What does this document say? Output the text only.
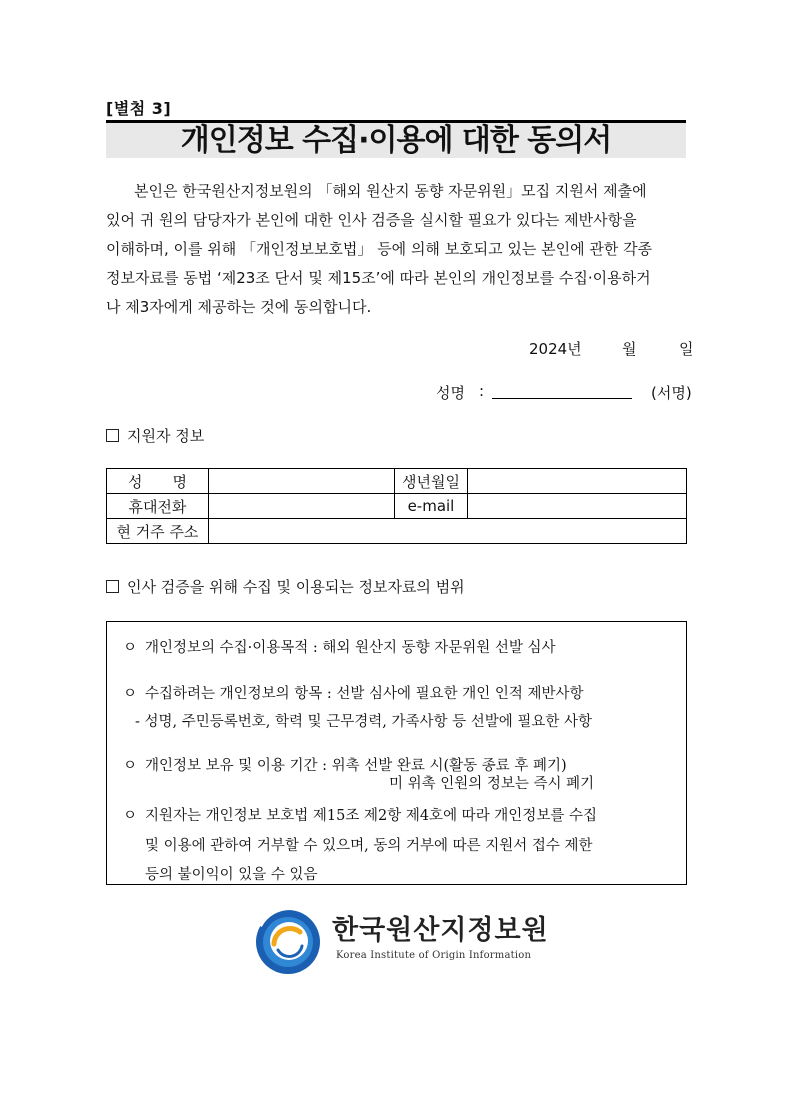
[별첨 3]
개인정보 수집·이용에 대한 동의서

본인은 한국원산지정보원의 「해외 원산지 동향 자문위원」모집 지원서 제출에

있어 귀 원의 담당자가 본인에 대한 인사 검증을 실시할 필요가 있다는 제반사항을

이해하며, 이를 위해 「개인정보보호법」 등에 의해 보호되고 있는 본인에 관한 각종

정보자료를 동법 ‘제23조 단서 및 제15조’에 따라 본인의 개인정보를 수집·이용하거

나 제3자에게 제공하는 것에 동의합니다.

2024년	월	일
성명 :	(서명)
지원자 정보
성　　명		생년월일	
휴대전화		e-mail	
현 거주 주소			
인사 검증을 위해 수집 및 이용되는 정보자료의 범위
ㅇ 개인정보의 수집·이용목적 : 해외 원산지 동향 자문위원 선발 심사
ㅇ 수집하려는 개인정보의 항목 : 선발 심사에 필요한 개인 인적 제반사항
- 성명, 주민등록번호, 학력 및 근무경력, 가족사항 등 선발에 필요한 사항
ㅇ 개인정보 보유 및 이용 기간 : 위촉 선발 완료 시(활동 종료 후 폐기)
미 위촉 인원의 정보는 즉시 폐기
ㅇ 지원자는 개인정보 보호법 제15조 제2항 제4호에 따라 개인정보를 수집
및 이용에 관하여 거부할 수 있으며, 동의 거부에 따른 지원서 접수 제한
등의 불이익이 있을 수 있음
한국원산지정보원
Korea Institute of Origin Information
